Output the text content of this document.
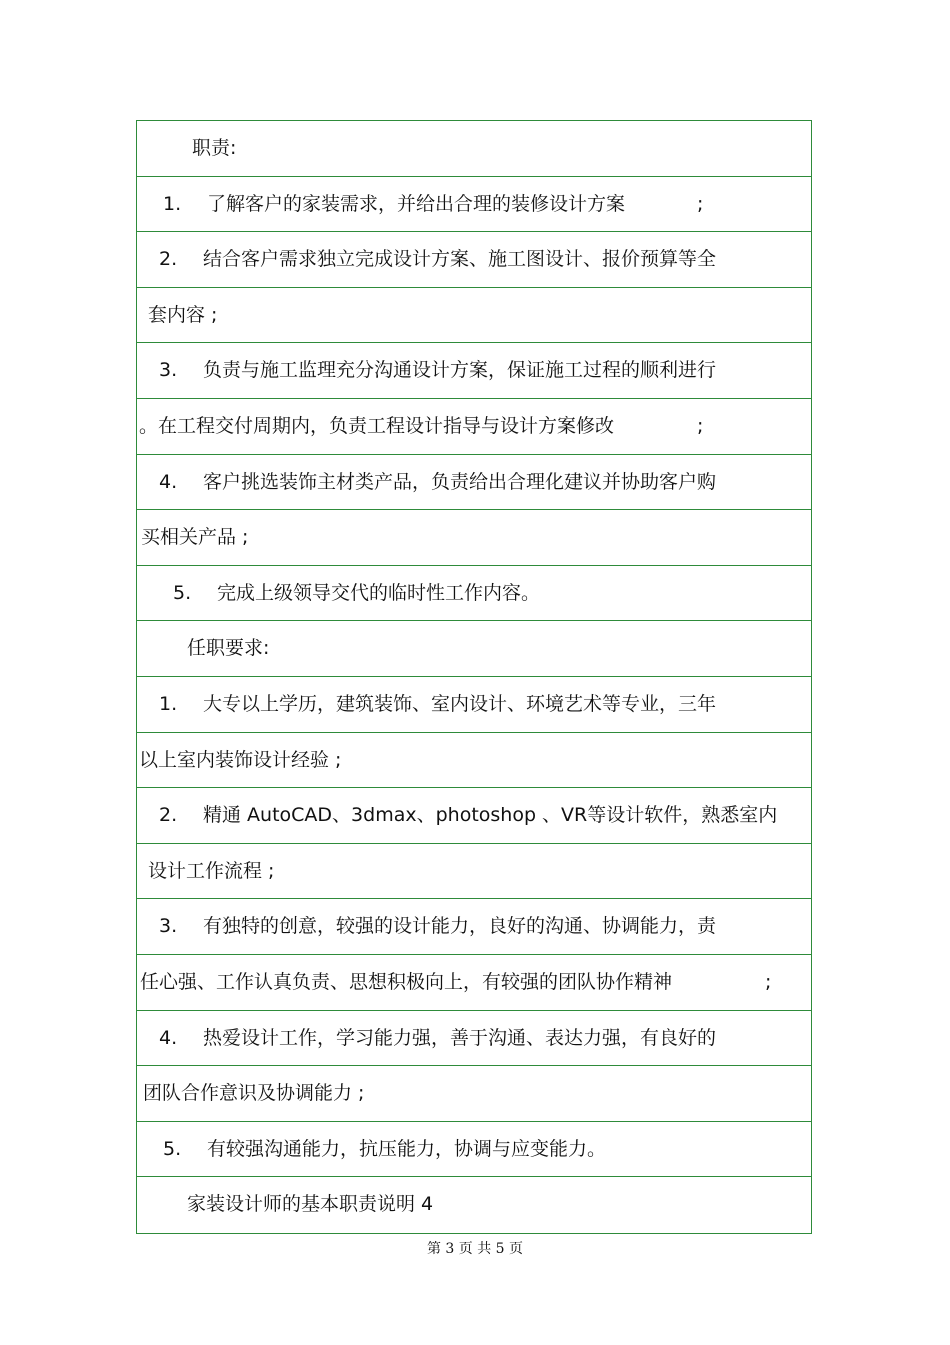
职责:
1. 了解客户的家装需求，并给出合理的装修设计方案	;
2. 结合客户需求独立完成设计方案、施工图设计、报价预算等全
套内容 ;
3. 负责与施工监理充分沟通设计方案，保证施工过程的顺利进行
。在工程交付周期内，负责工程设计指导与设计方案修改	;
4. 客户挑选装饰主材类产品，负责给出合理化建议并协助客户购
买相关产品 ;
5. 完成上级领导交代的临时性工作内容。
任职要求:
1. 大专以上学历，建筑装饰、室内设计、环境艺术等专业，三年
以上室内装饰设计经验 ;
2. 精通 AutoCAD、3dmax、photoshop 、VR等设计软件，熟悉室内
设计工作流程 ;
3. 有独特的创意，较强的设计能力，良好的沟通、协调能力，责
任心强、工作认真负责、思想积极向上，有较强的团队协作精神	;
4. 热爱设计工作，学习能力强，善于沟通、表达力强，有良好的
团队合作意识及协调能力 ;
5. 有较强沟通能力，抗压能力，协调与应变能力。
家装设计师的基本职责说明 4
第 3 页 共 5 页
